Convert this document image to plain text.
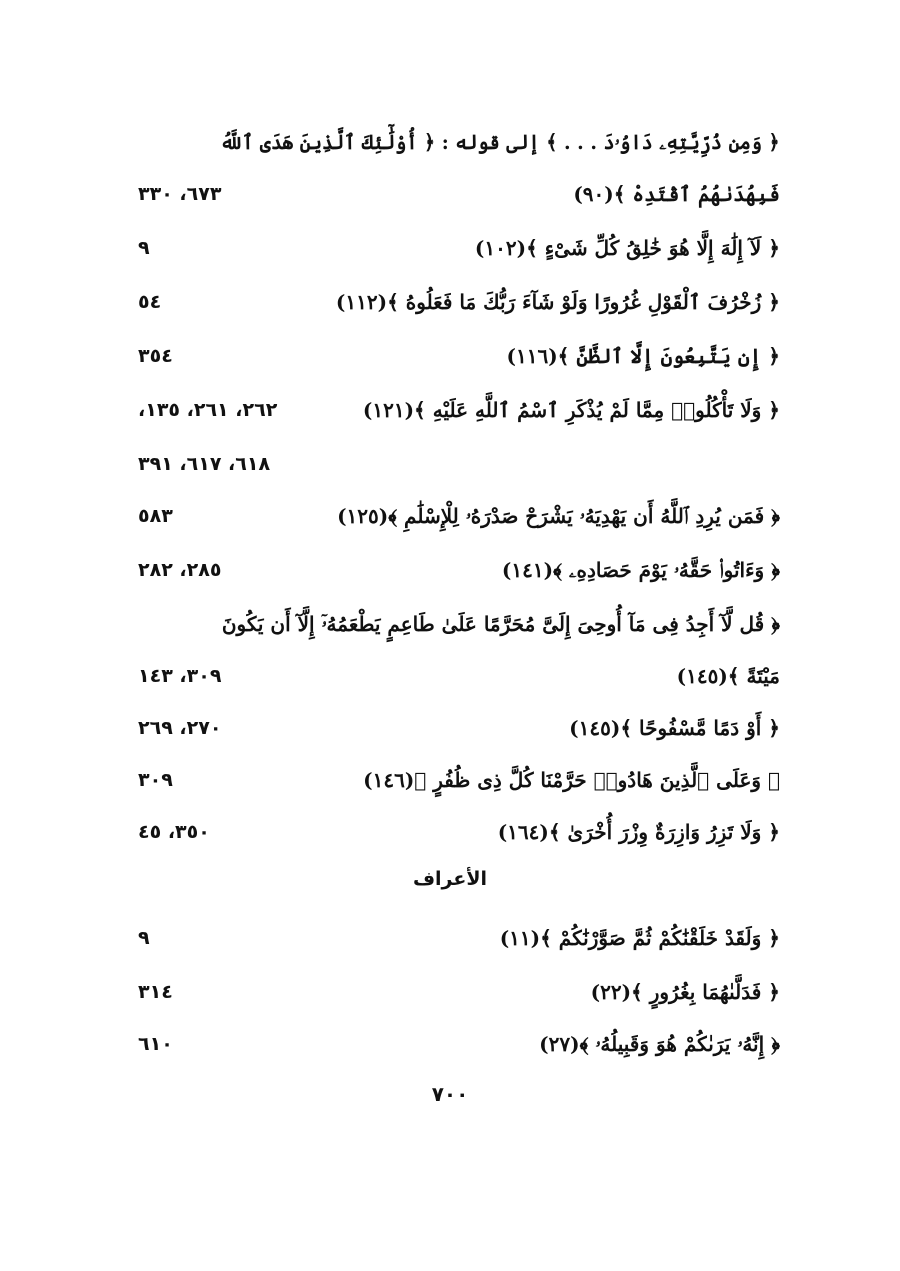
﴿ وَمِن ذُرِّيَّتِهِۦ دَاوُۥدَ . . . ﴾ إلى قوله : ﴿ أُوْلَٰٓئِكَ ٱلَّذِينَ هَدَى ٱللَّهُ
فَبِهُدَىٰهُمُ ٱقْتَدِهْ ﴾(٩٠)
٦٧٣، ٣٣٠
﴿ لَآ إِلَٰهَ إِلَّا هُوَ خَٰلِقُ كُلِّ شَىْءٍ ﴾(١٠٢)
٩
﴿ زُخْرُفَ ٱلْقَوْلِ غُرُورًا وَلَوْ شَآءَ رَبُّكَ مَا فَعَلُوهُ ﴾(١١٢)
٥٤
﴿ إِن يَتَّبِعُونَ إِلَّا ٱلظَّنَّ ﴾(١١٦)
٣٥٤
﴿ وَلَا تَأْكُلُوا۟ مِمَّا لَمْ يُذْكَرِ ٱسْمُ ٱللَّهِ عَلَيْهِ ﴾(١٢١)
٢٦٢، ٢٦١، ١٣٥،
٦١٨، ٦١٧، ٣٩١
﴿ فَمَن يُرِدِ ٱللَّهُ أَن يَهْدِيَهُۥ يَشْرَحْ صَدْرَهُۥ لِلْإِسْلَٰمِ ﴾(١٢٥)
٥٨٣
﴿ وَءَاتُوا۟ حَقَّهُۥ يَوْمَ حَصَادِهِۦ ﴾(١٤١)
٢٨٥، ٢٨٢
﴿ قُل لَّآ أَجِدُ فِى مَآ أُوحِىَ إِلَىَّ مُحَرَّمًا عَلَىٰ طَاعِمٍ يَطْعَمُهُۥٓ إِلَّآ أَن يَكُونَ
مَيْتَةً ﴾(١٤٥)
٣٠٩، ١٤٣
﴿ أَوْ دَمًا مَّسْفُوحًا ﴾(١٤٥)
٢٧٠، ٢٦٩
﴿ وَعَلَى ٱلَّذِينَ هَادُوا۟ حَرَّمْنَا كُلَّ ذِى ظُفُرٍ ﴾(١٤٦)
٣٠٩
﴿ وَلَا تَزِرُ وَازِرَةٌ وِزْرَ أُخْرَىٰ ﴾(١٦٤)
٣٥٠، ٤٥
الأعراف
﴿ وَلَقَدْ خَلَقْنَٰكُمْ ثُمَّ صَوَّرْنَٰكُمْ ﴾(١١)
٩
﴿ فَدَلَّىٰهُمَا بِغُرُورٍ ﴾(٢٢)
٣١٤
﴿ إِنَّهُۥ يَرَىٰكُمْ هُوَ وَقَبِيلُهُۥ ﴾(٢٧)
٦١٠
٧٠٠
